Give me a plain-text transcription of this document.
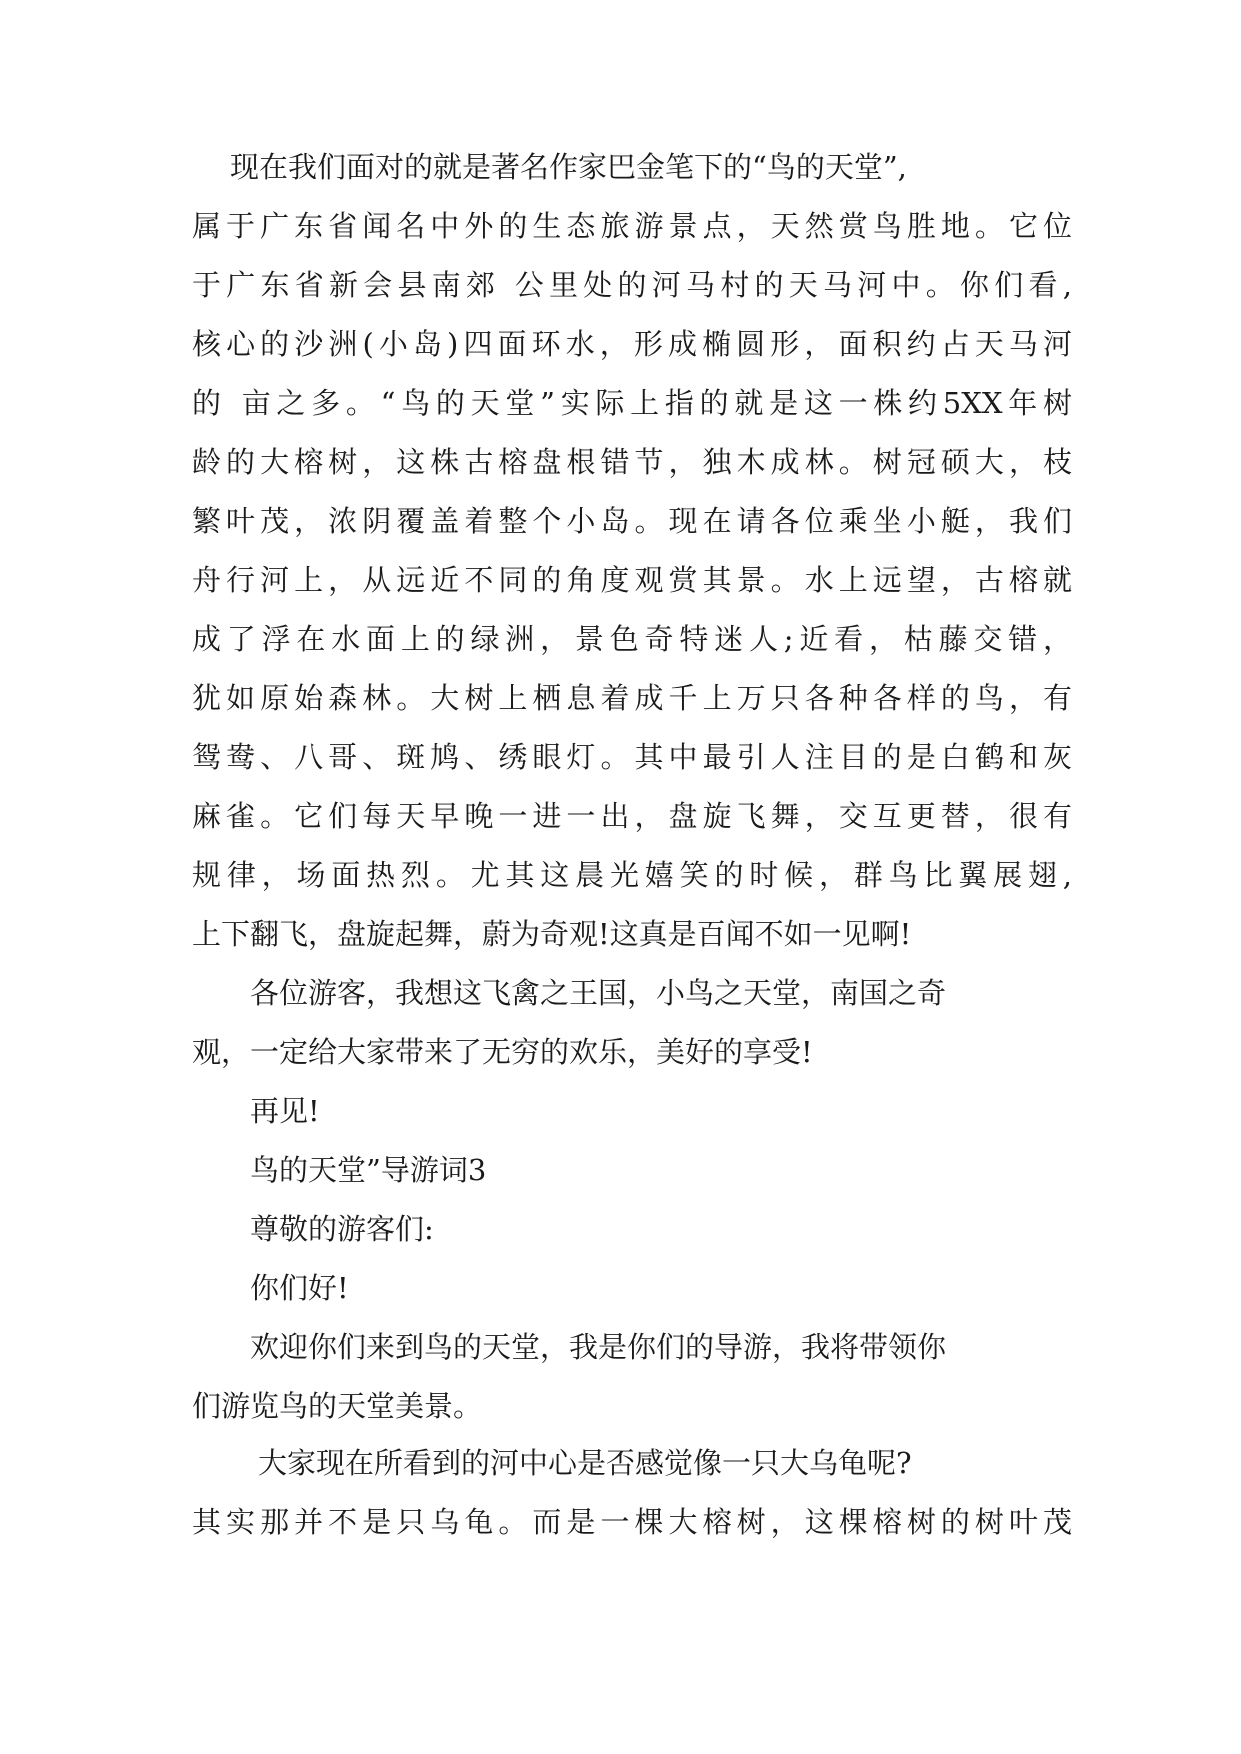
现在我们面对的就是著名作家巴金笔下的“鸟的天堂”,
属于广东省闻名中外的生态旅游景点，天然赏鸟胜地。它位
于广东省新会县南郊 公里处的河马村的天马河中。你们看,
核心的沙洲(小岛)四面环水，形成椭圆形，面积约占天马河
的 亩之多。“鸟的天堂”实际上指的就是这一株约5XX年树
龄的大榕树，这株古榕盘根错节，独木成林。树冠硕大，枝
繁叶茂，浓阴覆盖着整个小岛。现在请各位乘坐小艇，我们
舟行河上，从远近不同的角度观赏其景。水上远望，古榕就
成了浮在水面上的绿洲，景色奇特迷人;近看，枯藤交错，
犹如原始森林。大树上栖息着成千上万只各种各样的鸟，有
鸳鸯、八哥、斑鸠、绣眼灯。其中最引人注目的是白鹤和灰
麻雀。它们每天早晚一进一出，盘旋飞舞，交互更替，很有
规律，场面热烈。尤其这晨光嬉笑的时候，群鸟比翼展翅,
上下翻飞，盘旋起舞，蔚为奇观!这真是百闻不如一见啊!
各位游客，我想这飞禽之王国，小鸟之天堂，南国之奇
观，一定给大家带来了无穷的欢乐，美好的享受!
再见!
鸟的天堂”导游词3
尊敬的游客们:
你们好!
欢迎你们来到鸟的天堂，我是你们的导游，我将带领你
们游览鸟的天堂美景。
大家现在所看到的河中心是否感觉像一只大乌龟呢?
其实那并不是只乌龟。而是一棵大榕树，这棵榕树的树叶茂
